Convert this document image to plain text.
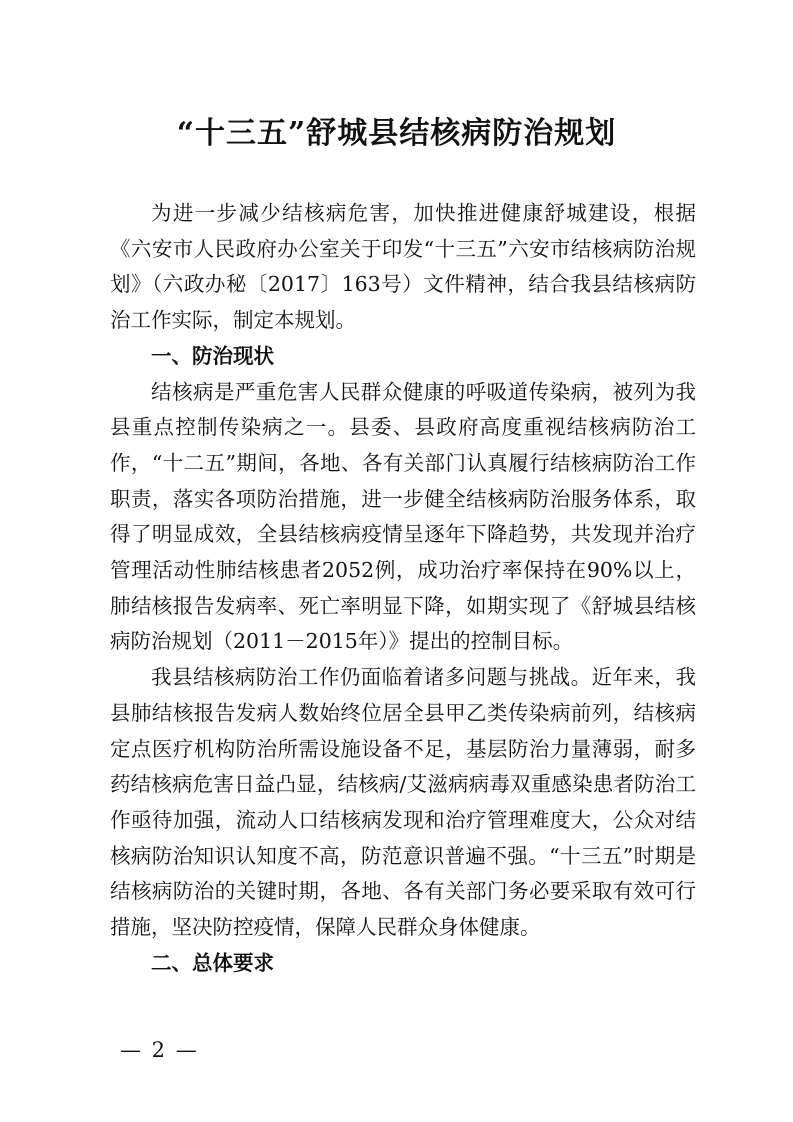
“十三五”舒城县结核病防治规划

为进一步减少结核病危害，加快推进健康舒城建设，根据《六安市人民政府办公室关于印发“十三五”六安市结核病防治规划》（六政办秘〔2017〕163号）文件精神，结合我县结核病防治工作实际，制定本规划。

一、防治现状

结核病是严重危害人民群众健康的呼吸道传染病，被列为我县重点控制传染病之一。县委、县政府高度重视结核病防治工作，“十二五”期间，各地、各有关部门认真履行结核病防治工作职责，落实各项防治措施，进一步健全结核病防治服务体系，取得了明显成效，全县结核病疫情呈逐年下降趋势，共发现并治疗管理活动性肺结核患者2052例，成功治疗率保持在90%以上，肺结核报告发病率、死亡率明显下降，如期实现了《舒城县结核病防治规划（2011－2015年）》提出的控制目标。

我县结核病防治工作仍面临着诸多问题与挑战。近年来，我县肺结核报告发病人数始终位居全县甲乙类传染病前列，结核病定点医疗机构防治所需设施设备不足，基层防治力量薄弱，耐多药结核病危害日益凸显，结核病/艾滋病病毒双重感染患者防治工作亟待加强，流动人口结核病发现和治疗管理难度大，公众对结核病防治知识认知度不高，防范意识普遍不强。“十三五”时期是结核病防治的关键时期，各地、各有关部门务必要采取有效可行措施，坚决防控疫情，保障人民群众身体健康。

二、总体要求
— 2 —
